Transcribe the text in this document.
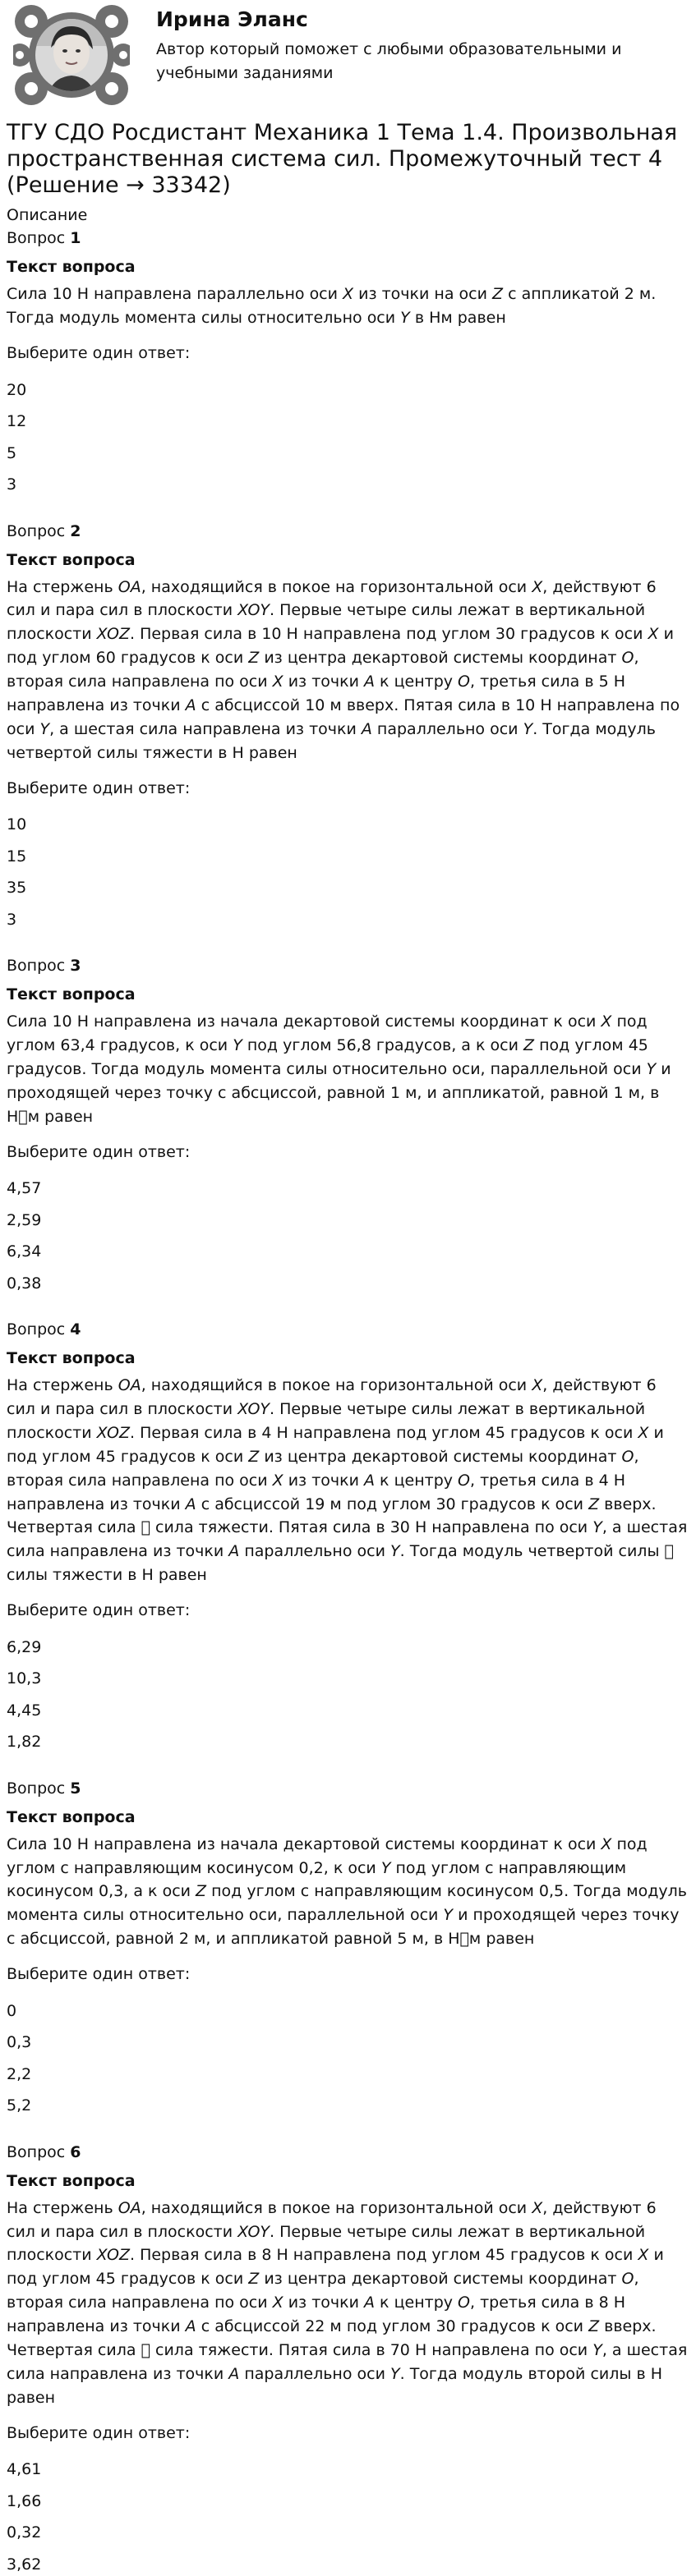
Ирина Эланс
Автор который поможет с любыми образовательными и учебными заданиями
ТГУ СДО Росдистант Механика 1 Тема 1.4. Произвольная пространственная система сил. Промежуточный тест 4 (Решение → 33342)

Описание

Вопрос 1

Текст вопроса

Сила 10 Н направлена параллельно оси X из точки на оси Z с аппликатой 2 м. Тогда модуль момента силы относительно оси Y в Нм равен

Выберите один ответ:

20
12
5
3

Вопрос 2

Текст вопроса

На стержень OA, находящийся в покое на горизонтальной оси X, действуют 6 сил и пара сил в плоскости XOY. Первые четыре силы лежат в вертикальной плоскости XOZ. Первая сила в 10 Н направлена под углом 30 градусов к оси X и под углом 60 градусов к оси Z из центра декартовой системы координат O, вторая сила направлена по оси X из точки A к центру O, третья сила в 5 Н направлена из точки A с абсциссой 10 м вверх. Пятая сила в 10 Н направлена по оси Y, а шестая сила направлена из точки A параллельно оси Y. Тогда модуль четвертой силы тяжести в Н равен

Выберите один ответ:

10
15
35
3

Вопрос 3

Текст вопроса

Сила 10 Н направлена из начала декартовой системы координат к оси X под углом 63,4 градусов, к оси Y под углом 56,8 градусов, а к оси Z под углом 45 градусов. Тогда модуль момента силы относительно оси, параллельной оси Y и проходящей через точку с абсциссой, равной 1 м, и аппликатой, равной 1 м, в Н м равен

Выберите один ответ:

4,57
2,59
6,34
0,38

Вопрос 4

Текст вопроса

На стержень OA, находящийся в покое на горизонтальной оси X, действуют 6 сил и пара сил в плоскости XOY. Первые четыре силы лежат в вертикальной плоскости XOZ. Первая сила в 4 Н направлена под углом 45 градусов к оси X и под углом 45 градусов к оси Z из центра декартовой системы координат O, вторая сила направлена по оси X из точки A к центру O, третья сила в 4 Н направлена из точки A с абсциссой 19 м под углом 30 градусов к оси Z вверх. Четвертая сила   сила тяжести. Пятая сила в 30 Н направлена по оси Y, а шестая сила направлена из точки A параллельно оси Y. Тогда модуль четвертой силы   силы тяжести в Н равен

Выберите один ответ:

6,29
10,3
4,45
1,82

Вопрос 5

Текст вопроса

Сила 10 Н направлена из начала декартовой системы координат к оси X под углом с направляющим косинусом 0,2, к оси Y под углом с направляющим косинусом 0,3, а к оси Z под углом с направляющим косинусом 0,5. Тогда модуль момента силы относительно оси, параллельной оси Y и проходящей через точку с абсциссой, равной 2 м, и аппликатой равной 5 м, в Н м равен

Выберите один ответ:

0
0,3
2,2
5,2

Вопрос 6

Текст вопроса

На стержень OA, находящийся в покое на горизонтальной оси X, действуют 6 сил и пара сил в плоскости XOY. Первые четыре силы лежат в вертикальной плоскости XOZ. Первая сила в 8 Н направлена под углом 45 градусов к оси X и под углом 45 градусов к оси Z из центра декартовой системы координат O, вторая сила направлена по оси X из точки A к центру O, третья сила в 8 Н направлена из точки A с абсциссой 22 м под углом 30 градусов к оси Z вверх. Четвертая сила   сила тяжести. Пятая сила в 70 Н направлена по оси Y, а шестая сила направлена из точки A параллельно оси Y. Тогда модуль второй силы в Н равен

Выберите один ответ:

4,61
1,66
0,32
3,62
